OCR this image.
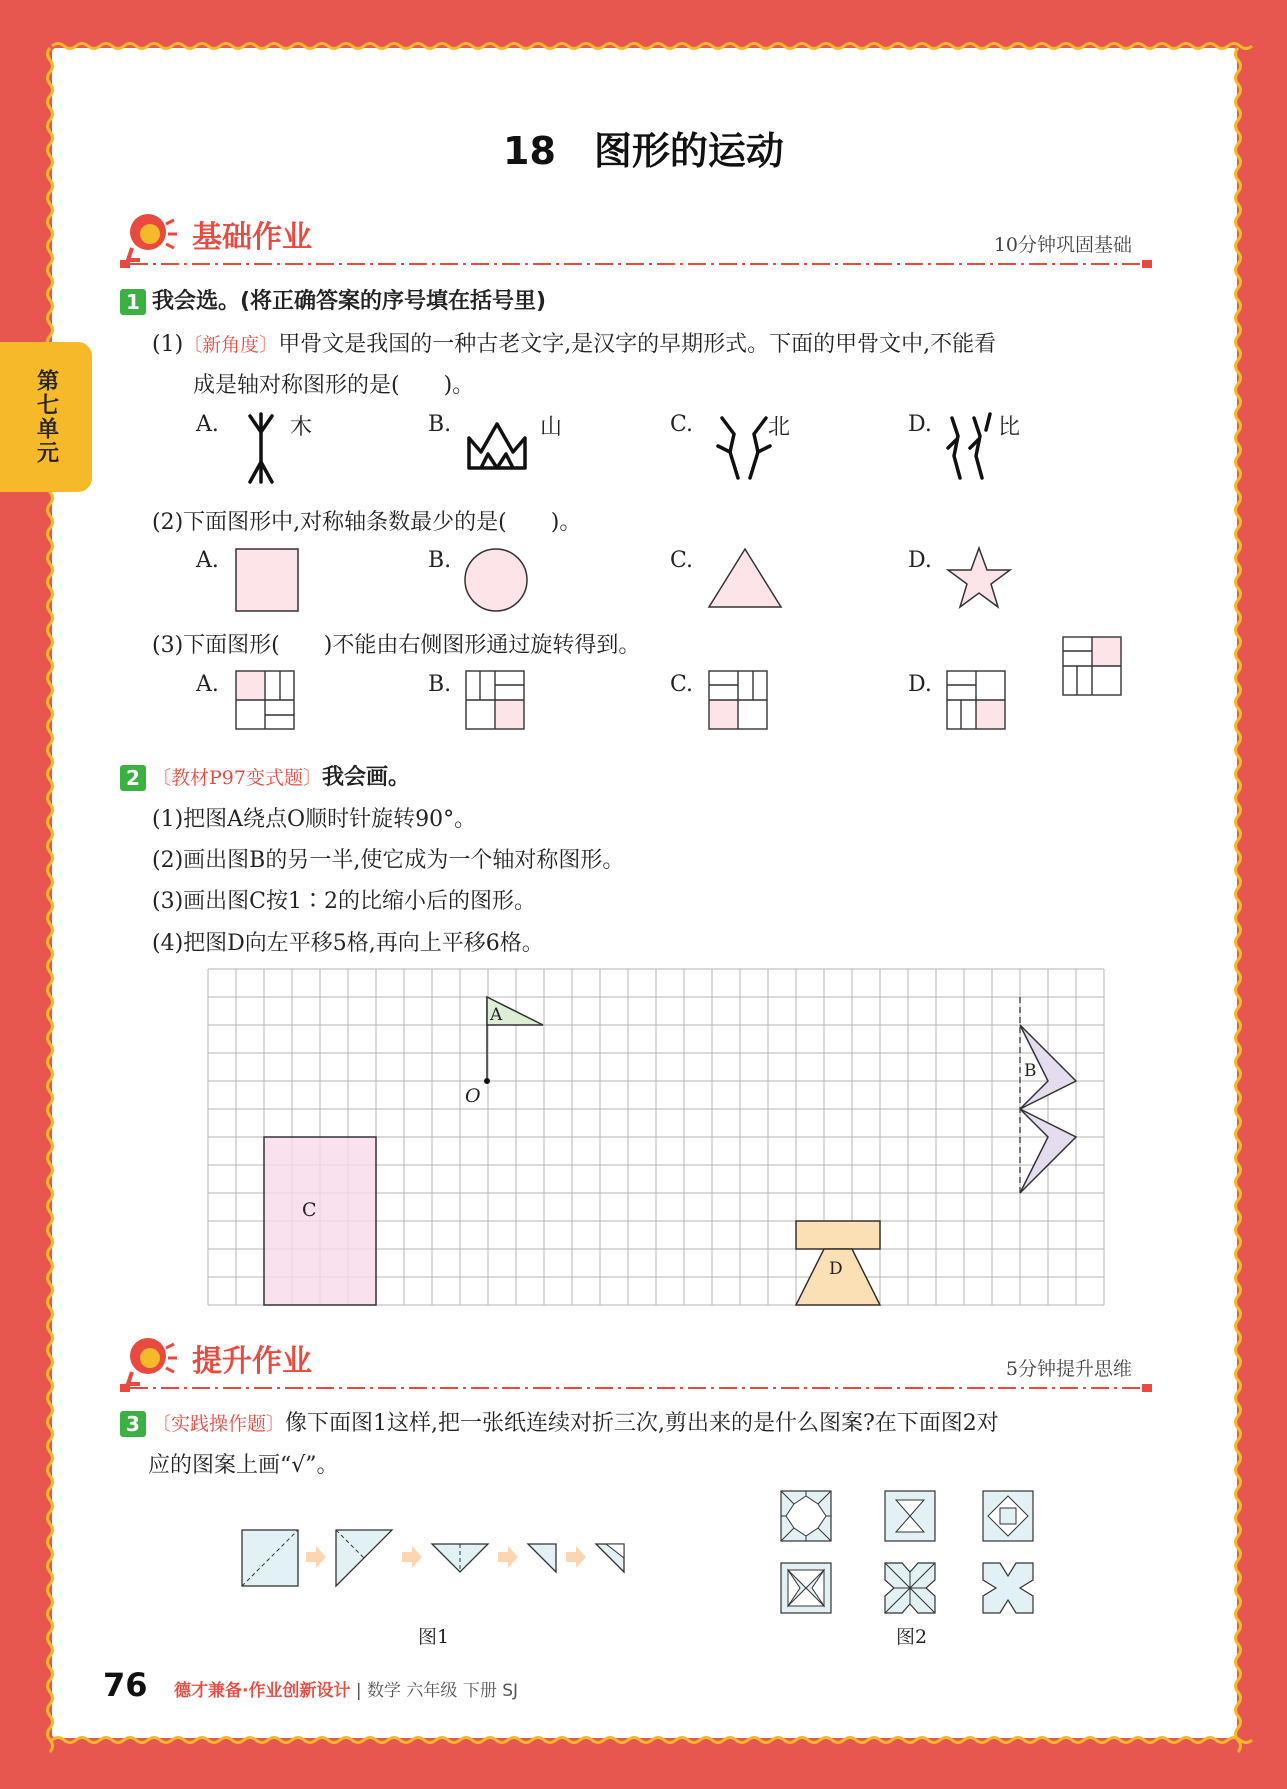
第七单元
18　图形的运动
基础作业	10分钟巩固基础
1 我会选。(将正确答案的序号填在括号里)
(1)〔新角度〕甲骨文是我国的一种古老文字,是汉字的早期形式。下面的甲骨文中,不能看
成是轴对称图形的是(　　)。
A.	木	B.	山	C.	北	D.	比
(2)下面图形中,对称轴条数最少的是(　　)。
A.	B.	C.	D.
(3)下面图形(　　)不能由右侧图形通过旋转得到。
A.	B.	C.	D.
2 〔教材P97变式题〕我会画。
(1)把图A绕点O顺时针旋转90°。
(2)画出图B的另一半,使它成为一个轴对称图形。
(3)画出图C按1∶2的比缩小后的图形。
(4)把图D向左平移5格,再向上平移6格。
A
O
B
C
D
提升作业	5分钟提升思维
3 〔实践操作题〕像下面图1这样,把一张纸连续对折三次,剪出来的是什么图案?在下面图2对
应的图案上画“√”。
图1	图2
76 德才兼备·作业创新设计 | 数学 六年级 下册 SJ
